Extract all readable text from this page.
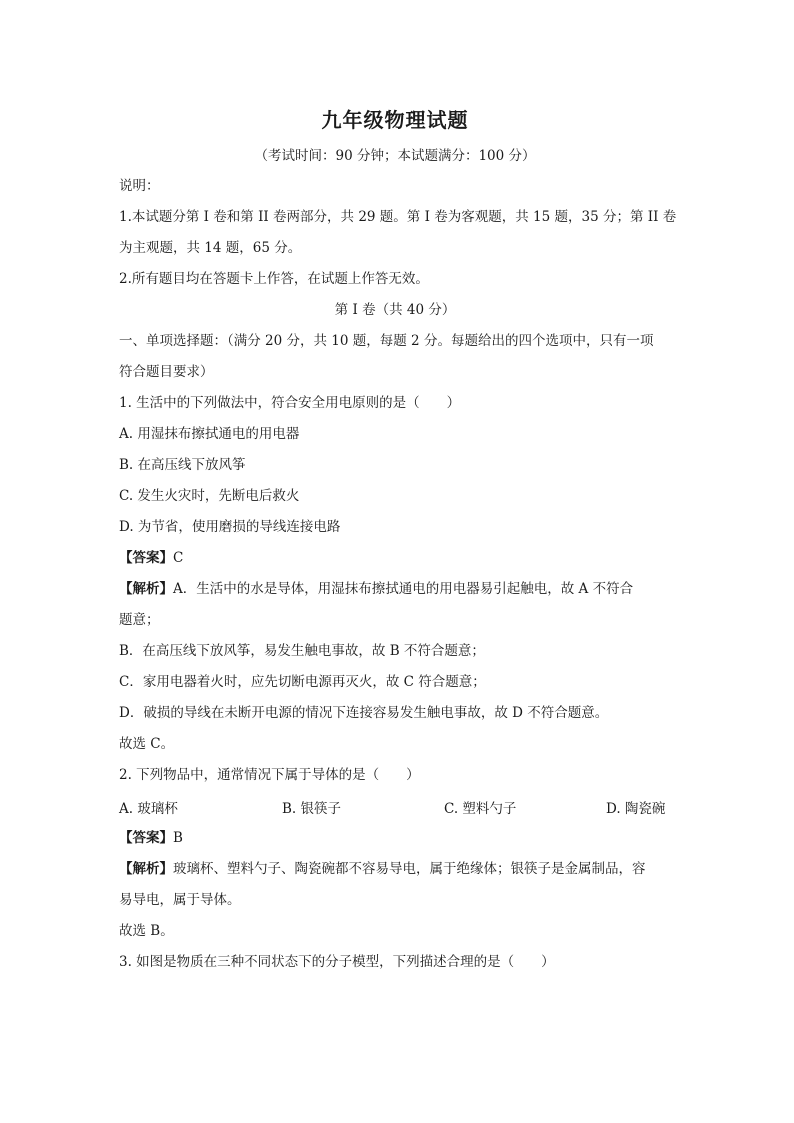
九年级物理试题
（考试时间：90 分钟；本试题满分：100 分）
说明：
1.本试题分第 I 卷和第 II 卷两部分，共 29 题。第 I 卷为客观题，共 15 题，35 分；第 II 卷
为主观题，共 14 题，65 分。
2.所有题目均在答题卡上作答，在试题上作答无效。
第 I 卷（共 40 分）
一、单项选择题：（满分 20 分，共 10 题，每题 2 分。每题给出的四个选项中，只有一项
符合题目要求）
1. 生活中的下列做法中，符合安全用电原则的是（　　）
A. 用湿抹布擦拭通电的用电器
B. 在高压线下放风筝
C. 发生火灾时，先断电后救火
D. 为节省，使用磨损的导线连接电路
【答案】C
【解析】A．生活中的水是导体，用湿抹布擦拭通电的用电器易引起触电，故 A 不符合
题意；
B．在高压线下放风筝，易发生触电事故，故 B 不符合题意；
C．家用电器着火时，应先切断电源再灭火，故 C 符合题意；
D．破损的导线在未断开电源的情况下连接容易发生触电事故，故 D 不符合题意。
故选 C。
2. 下列物品中，通常情况下属于导体的是（　　）
A. 玻璃杯	B. 银筷子	C. 塑料勺子	D. 陶瓷碗
【答案】B
【解析】玻璃杯、塑料勺子、陶瓷碗都不容易导电，属于绝缘体；银筷子是金属制品，容
易导电，属于导体。
故选 B。
3. 如图是物质在三种不同状态下的分子模型，下列描述合理的是（　　）
